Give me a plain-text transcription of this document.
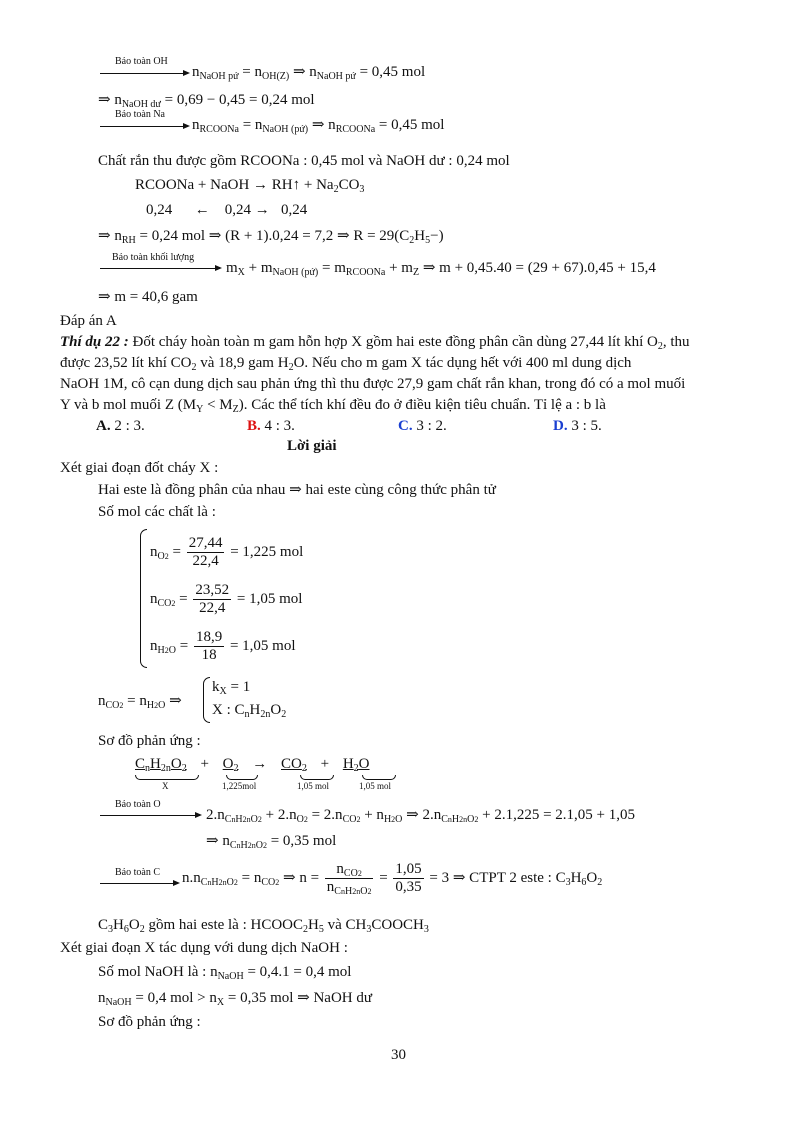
Bảo toàn OH
$n_{NaOH pứ} = n_{OH(Z)}$ ⇒ $n_{NaOH pứ} = 0,45$ mol
⇒ $n_{NaOH dư} = 0,69 - 0,45 = 0,24$ mol
Bảo toàn Na
$n_{RCOONa} = n_{NaOH (pứ)}$ ⇒ $n_{RCOONa} = 0,45$ mol
Chất rắn thu được gồm RCOONa : 0,45 mol và NaOH dư : 0,24 mol
RCOONa + NaOH → RH↑ + $Na_2CO_3$
0,24      ←    0,24 →   0,24
⇒ $n_{RH} = 0,24$ mol ⇒ (R + 1).0,24 = 7,2 ⇒ $R = 29(C_2H_5-)$
Bảo toàn khối lượng
$m_X + m_{NaOH (pứ)} = m_{RCOONa} + m_Z$ ⇒ m + 0,45.40 = (29 + 67).0,45 + 15,4
⇒ m = 40,6 gam
Đáp án A
Thí dụ 22 : Đốt cháy hoàn toàn m gam hỗn hợp X gồm hai este đồng phân cần dùng 27,44 lít khí $O_2$, thu
được 23,52 lít khí $CO_2$ và 18,9 gam $H_2O$. Nếu cho m gam X tác dụng hết với 400 ml dung dịch
NaOH 1M, cô cạn dung dịch sau phản ứng thì thu được 27,9 gam chất rắn khan, trong đó có a mol muối
Y và b mol muối Z $(M_Y < M_Z)$. Các thể tích khí đều đo ở điều kiện tiêu chuẩn. Tỉ lệ a : b là
A. 2 : 3.	B. 4 : 3.	C. 3 : 2.	D. 3 : 5.
Lời giải
Xét giai đoạn đốt cháy X :
Hai este là đồng phân của nhau ⇒ hai este cùng công thức phân tử
Số mol các chất là :
$n_{O2} = \frac{27,44}{22,4} = 1,225$ mol
$n_{CO2} = \frac{23,52}{22,4} = 1,05$ mol
$n_{H2O} = \frac{18,9}{18} = 1,05$ mol
$n_{CO2} = n_{H2O}$ ⇒
$k_X = 1$
X : $C_nH_{2n}O_2$
Sơ đồ phản ứng :
$C_nH_{2n}O_2 + O_2 \to CO_2 + H_2O$
X	1,225mol	1,05 mol	1,05 mol
Bảo toàn O
$2.n_{CnH2nO2} + 2.n_{O2} = 2.n_{CO2} + n_{H2O}$ ⇒ $2.n_{CnH2nO2} + 2.1,225 = 2.1,05 + 1,05$
⇒ $n_{CnH2nO2} = 0,35$ mol
Bảo toàn C $n.n_{CnH2nO2} = n_{CO2}$ ⇒ $n = \frac{n_{CO2}}{n_{CnH2nO2}} = \frac{1,05}{0,35} = 3$ ⇒ CTPT 2 este : $C_3H_6O_2$
$C_3H_6O_2$ gồm hai este là : $HCOOC_2H_5$ và $CH_3COOCH_3$
Xét giai đoạn X tác dụng với dung dịch NaOH :
Số mol NaOH là : $n_{NaOH} = 0,4.1 = 0,4$ mol
$n_{NaOH} = 0,4$ mol > $n_X = 0,35$ mol ⇒ NaOH dư
Sơ đồ phản ứng :
30
